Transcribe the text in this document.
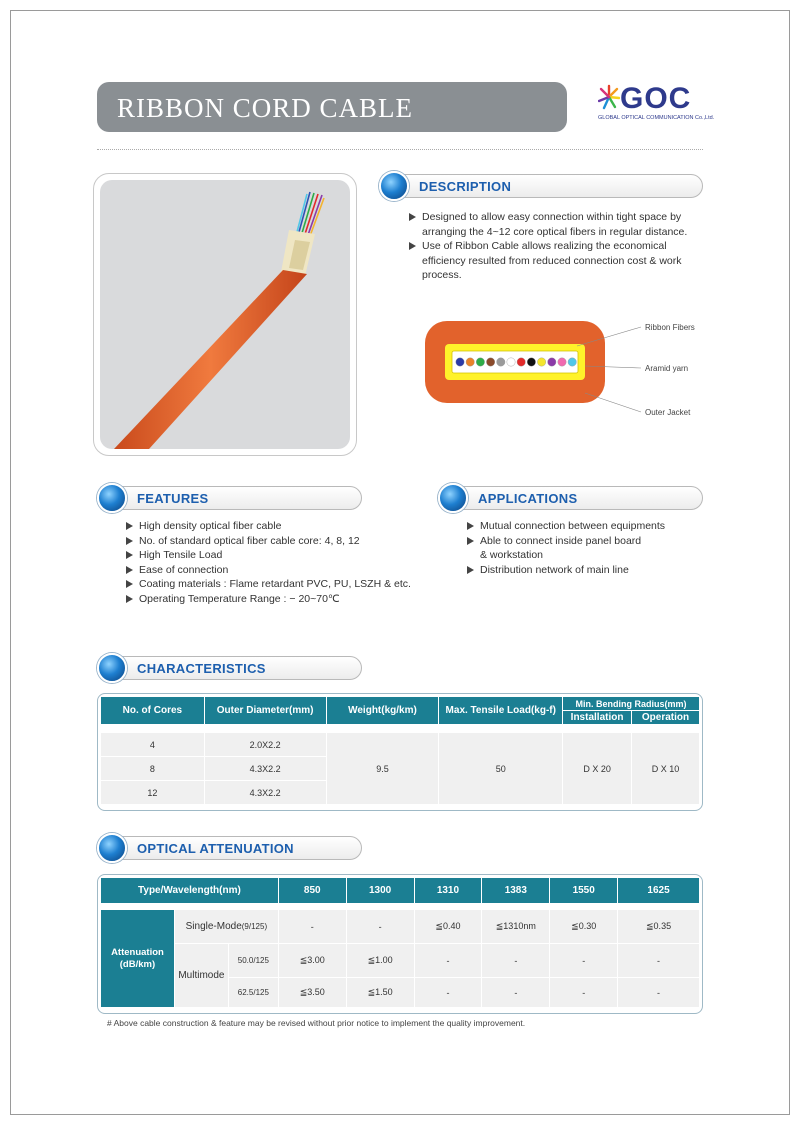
RIBBON CORD CABLE	GOC
GLOBAL OPTICAL COMMUNICATION Co.,Ltd.
DESCRIPTION
Designed to allow easy connection within tight space by
arranging the 4~12 core optical fibers in regular distance.
Use of Ribbon Cable allows realizing the economical
efficiency resulted from reduced connection cost & work
process.
Ribbon Fibers
Aramid yarn
Outer Jacket
FEATURES
High density optical fiber cable
No. of standard optical fiber cable core: 4, 8, 12
High Tensile Load
Ease of connection
Coating materials : Flame retardant PVC, PU, LSZH & etc.
Operating Temperature Range : − 20~70℃
APPLICATIONS
Mutual connection between equipments
Able to connect inside panel board
& workstation
Distribution network of main line
CHARACTERISTICS
No. of Cores	Outer Diameter(mm)	Weight(kg/km)	Max. Tensile Load(kg-f)	Min. Bending Radius(mm)	
				Installation	Operation

4	2.0X2.2	9.5	50	D X 20	D X 10
8	4.3X2.2				
12	4.3X2.2				
OPTICAL ATTENUATION
Type/Wavelength(nm)			850	1300	1310	1383	1550	1625

Attenuation (dB/km)	Single-Mode(9/125)		-	-	≦0.40	≦1310nm	≦0.30	≦0.35
	Multimode	50.0/125	≦3.00	≦1.00	-	-	-	-
		62.5/125	≦3.50	≦1.50	-	-	-	-
# Above cable construction & feature may be revised without prior notice to implement the quality improvement.
